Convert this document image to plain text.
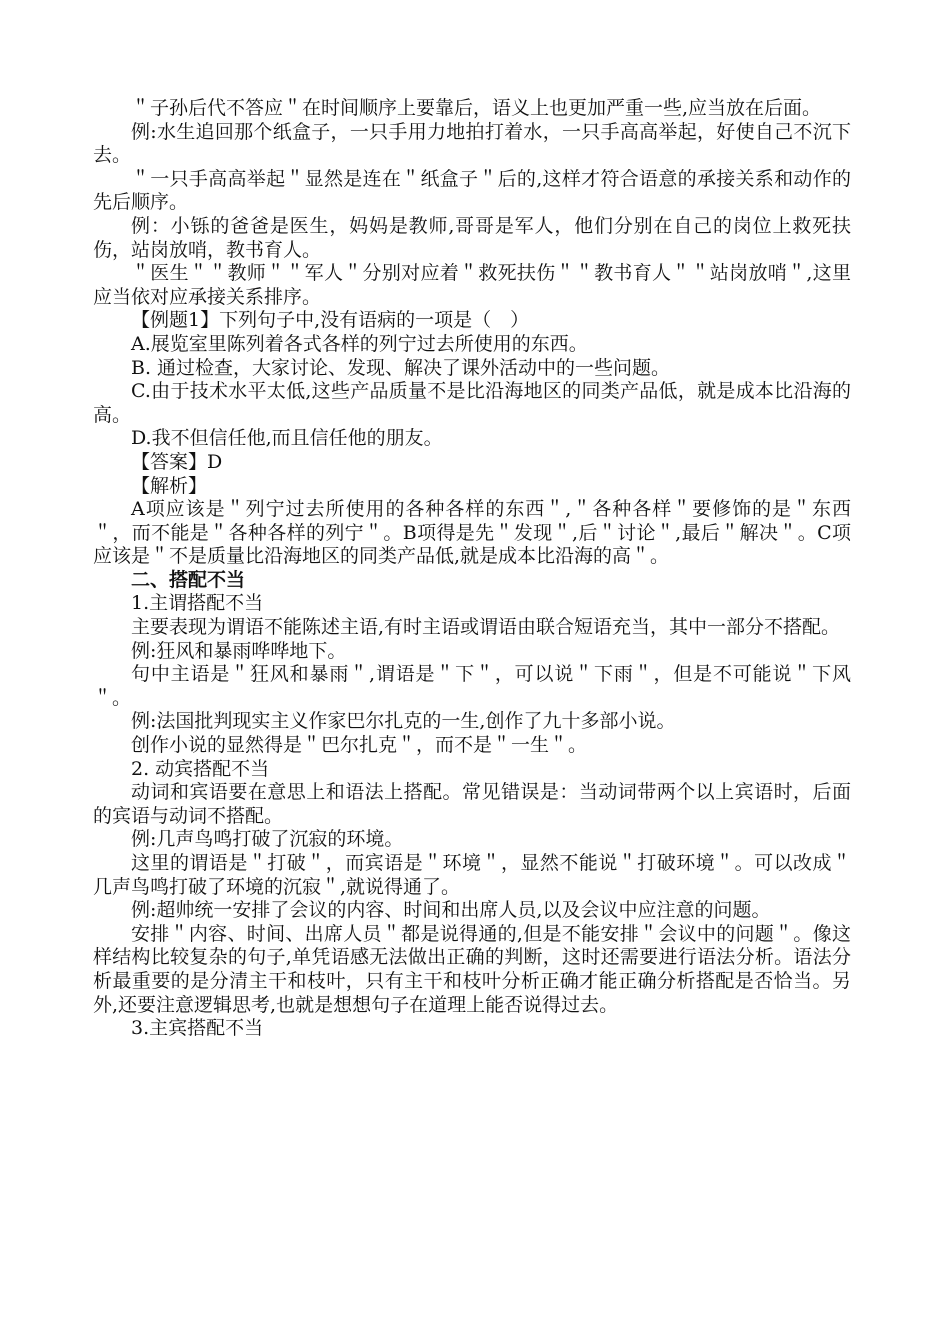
＂子孙后代不答应＂在时间顺序上要靠后，语义上也更加严重一些,应当放在后面。

例:水生追回那个纸盒子，一只手用力地拍打着水，一只手高高举起，好使自己不沉下去。

＂一只手高高举起＂显然是连在＂纸盒子＂后的,这样才符合语意的承接关系和动作的先后顺序。

例：小铄的爸爸是医生，妈妈是教师,哥哥是军人，他们分别在自己的岗位上救死扶伤，站岗放哨，教书育人。

＂医生＂＂教师＂＂军人＂分别对应着＂救死扶伤＂＂教书育人＂＂站岗放哨＂,这里应当依对应承接关系排序。

【例题1】下列句子中,没有语病的一项是（　）

A.展览室里陈列着各式各样的列宁过去所使用的东西。

B. 通过检查，大家讨论、发现、解决了课外活动中的一些问题。

C.由于技术水平太低,这些产品质量不是比沿海地区的同类产品低，就是成本比沿海的高。

D.我不但信任他,而且信任他的朋友。

【答案】D

【解析】

A项应该是＂列宁过去所使用的各种各样的东西＂,＂各种各样＂要修饰的是＂东西＂，而不能是＂各种各样的列宁＂。B项得是先＂发现＂,后＂讨论＂,最后＂解决＂。C项应该是＂不是质量比沿海地区的同类产品低,就是成本比沿海的高＂。

二、搭配不当

1.主谓搭配不当

主要表现为谓语不能陈述主语,有时主语或谓语由联合短语充当，其中一部分不搭配。

例:狂风和暴雨哗哗地下。

句中主语是＂狂风和暴雨＂,谓语是＂下＂，可以说＂下雨＂，但是不可能说＂下风＂。

例:法国批判现实主义作家巴尔扎克的一生,创作了九十多部小说。

创作小说的显然得是＂巴尔扎克＂，而不是＂一生＂。

2. 动宾搭配不当

动词和宾语要在意思上和语法上搭配。常见错误是：当动词带两个以上宾语时，后面的宾语与动词不搭配。

例:几声鸟鸣打破了沉寂的环境。

这里的谓语是＂打破＂，而宾语是＂环境＂，显然不能说＂打破环境＂。可以改成＂几声鸟鸣打破了环境的沉寂＂,就说得通了。

例:超帅统一安排了会议的内容、时间和出席人员,以及会议中应注意的问题。

安排＂内容、时间、出席人员＂都是说得通的,但是不能安排＂会议中的问题＂。像这样结构比较复杂的句子,单凭语感无法做出正确的判断，这时还需要进行语法分析。语法分析最重要的是分清主干和枝叶，只有主干和枝叶分析正确才能正确分析搭配是否恰当。另外,还要注意逻辑思考,也就是想想句子在道理上能否说得过去。

3.主宾搭配不当
